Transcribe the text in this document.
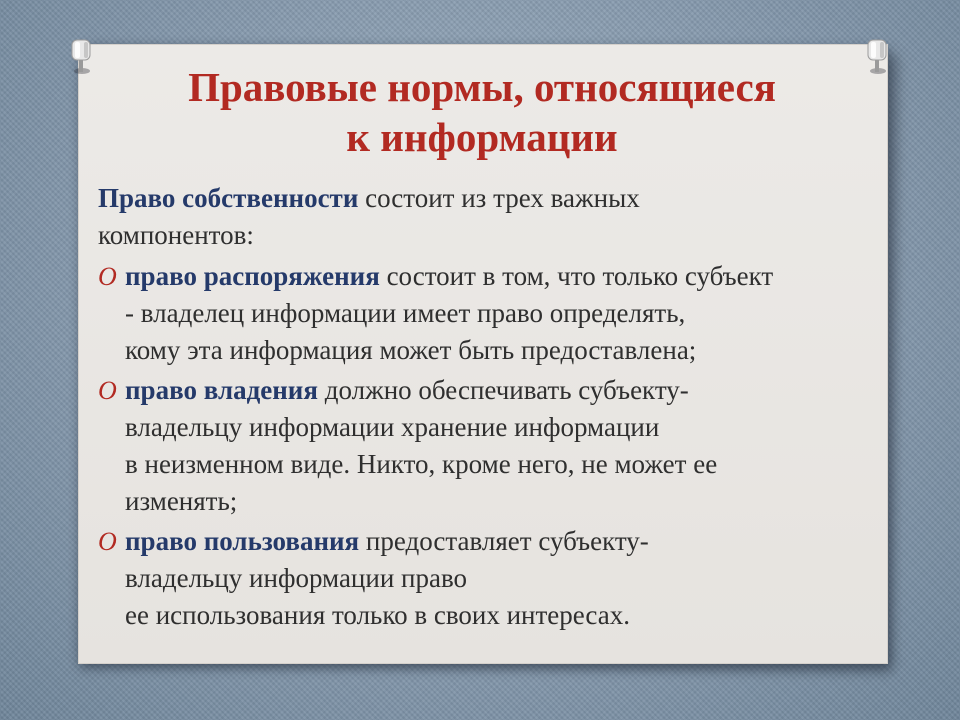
Правовые нормы, относящиеся
к информации

Право собственности состоит из трех важных
компонентов:

O право распоряжения состоит в том, что только субъект
- владелец информации имеет право определять,
кому эта информация может быть предоставлена;
O право владения должно обеспечивать субъекту-
владельцу информации хранение информации
в неизменном виде. Никто, кроме него, не может ее
изменять;
O право пользования предоставляет субъекту-
владельцу информации право
ее использования только в своих интересах.
